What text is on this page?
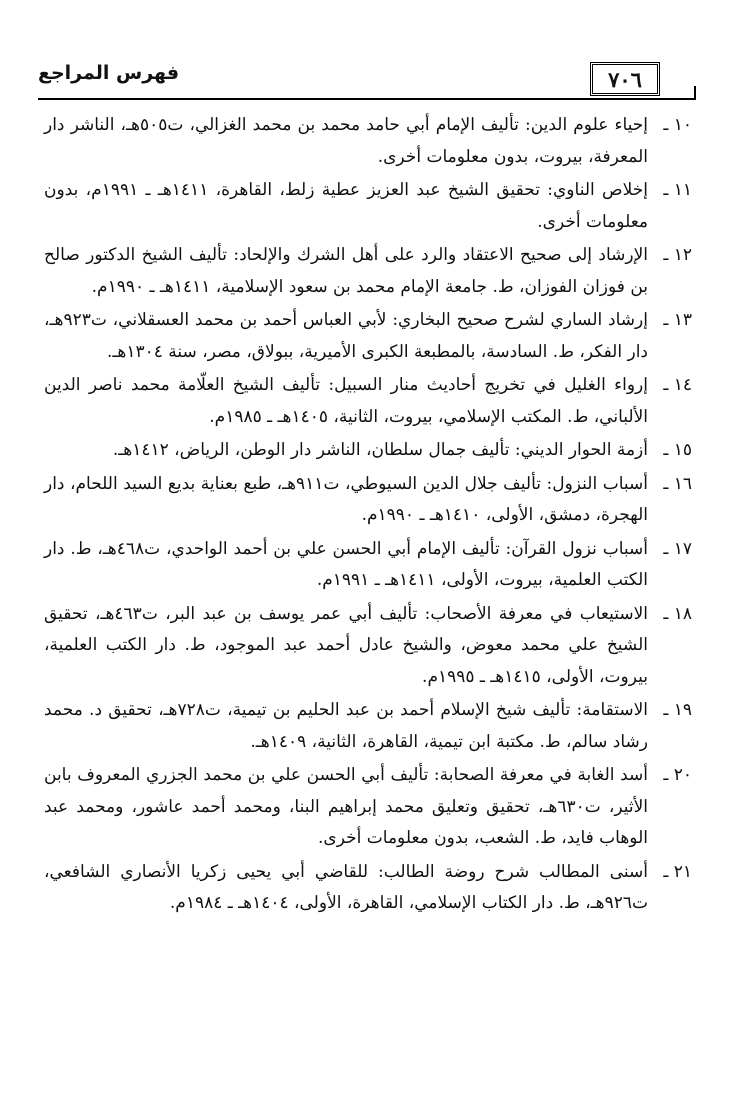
٧٠٦
فهرس المراجع
١٠ ـ
إحياء علوم الدين: تأليف الإمام أبي حامد محمد بن محمد الغزالي، ت٥٠٥هـ، الناشر دار المعرفة، بيروت، بدون معلومات أخرى.
١١ ـ
إخلاص الناوي: تحقيق الشيخ عبد العزيز عطية زلط، القاهرة، ١٤١١هـ ـ ١٩٩١م، بدون معلومات أخرى.
١٢ ـ
الإرشاد إلى صحيح الاعتقاد والرد على أهل الشرك والإلحاد: تأليف الشيخ الدكتور صالح بن فوزان الفوزان، ط. جامعة الإمام محمد بن سعود الإسلامية، ١٤١١هـ ـ ١٩٩٠م.
١٣ ـ
إرشاد الساري لشرح صحيح البخاري: لأبي العباس أحمد بن محمد العسقلاني، ت٩٢٣هـ، دار الفكر، ط. السادسة، بالمطبعة الكبرى الأميرية، ببولاق، مصر، سنة ١٣٠٤هـ.
١٤ ـ
إرواء الغليل في تخريج أحاديث منار السبيل: تأليف الشيخ العلّامة محمد ناصر الدين الألباني، ط. المكتب الإسلامي، بيروت، الثانية، ١٤٠٥هـ ـ ١٩٨٥م.
١٥ ـ
أزمة الحوار الديني: تأليف جمال سلطان، الناشر دار الوطن، الرياض، ١٤١٢هـ.
١٦ ـ
أسباب النزول: تأليف جلال الدين السيوطي، ت٩١١هـ، طبع بعناية بديع السيد اللحام، دار الهجرة، دمشق، الأولى، ١٤١٠هـ ـ ١٩٩٠م.
١٧ ـ
أسباب نزول القرآن: تأليف الإمام أبي الحسن علي بن أحمد الواحدي، ت٤٦٨هـ، ط. دار الكتب العلمية، بيروت، الأولى، ١٤١١هـ ـ ١٩٩١م.
١٨ ـ
الاستيعاب في معرفة الأصحاب: تأليف أبي عمر يوسف بن عبد البر، ت٤٦٣هـ، تحقيق الشيخ علي محمد معوض، والشيخ عادل أحمد عبد الموجود، ط. دار الكتب العلمية، بيروت، الأولى، ١٤١٥هـ ـ ١٩٩٥م.
١٩ ـ
الاستقامة: تأليف شيخ الإسلام أحمد بن عبد الحليم بن تيمية، ت٧٢٨هـ، تحقيق د. محمد رشاد سالم، ط. مكتبة ابن تيمية، القاهرة، الثانية، ١٤٠٩هـ.
٢٠ ـ
أسد الغابة في معرفة الصحابة: تأليف أبي الحسن علي بن محمد الجزري المعروف بابن الأثير، ت٦٣٠هـ، تحقيق وتعليق محمد إبراهيم البنا، ومحمد أحمد عاشور، ومحمد عبد الوهاب فايد، ط. الشعب، بدون معلومات أخرى.
٢١ ـ
أسنى المطالب شرح روضة الطالب: للقاضي أبي يحيى زكريا الأنصاري الشافعي، ت٩٢٦هـ، ط. دار الكتاب الإسلامي، القاهرة، الأولى، ١٤٠٤هـ ـ ١٩٨٤م.
